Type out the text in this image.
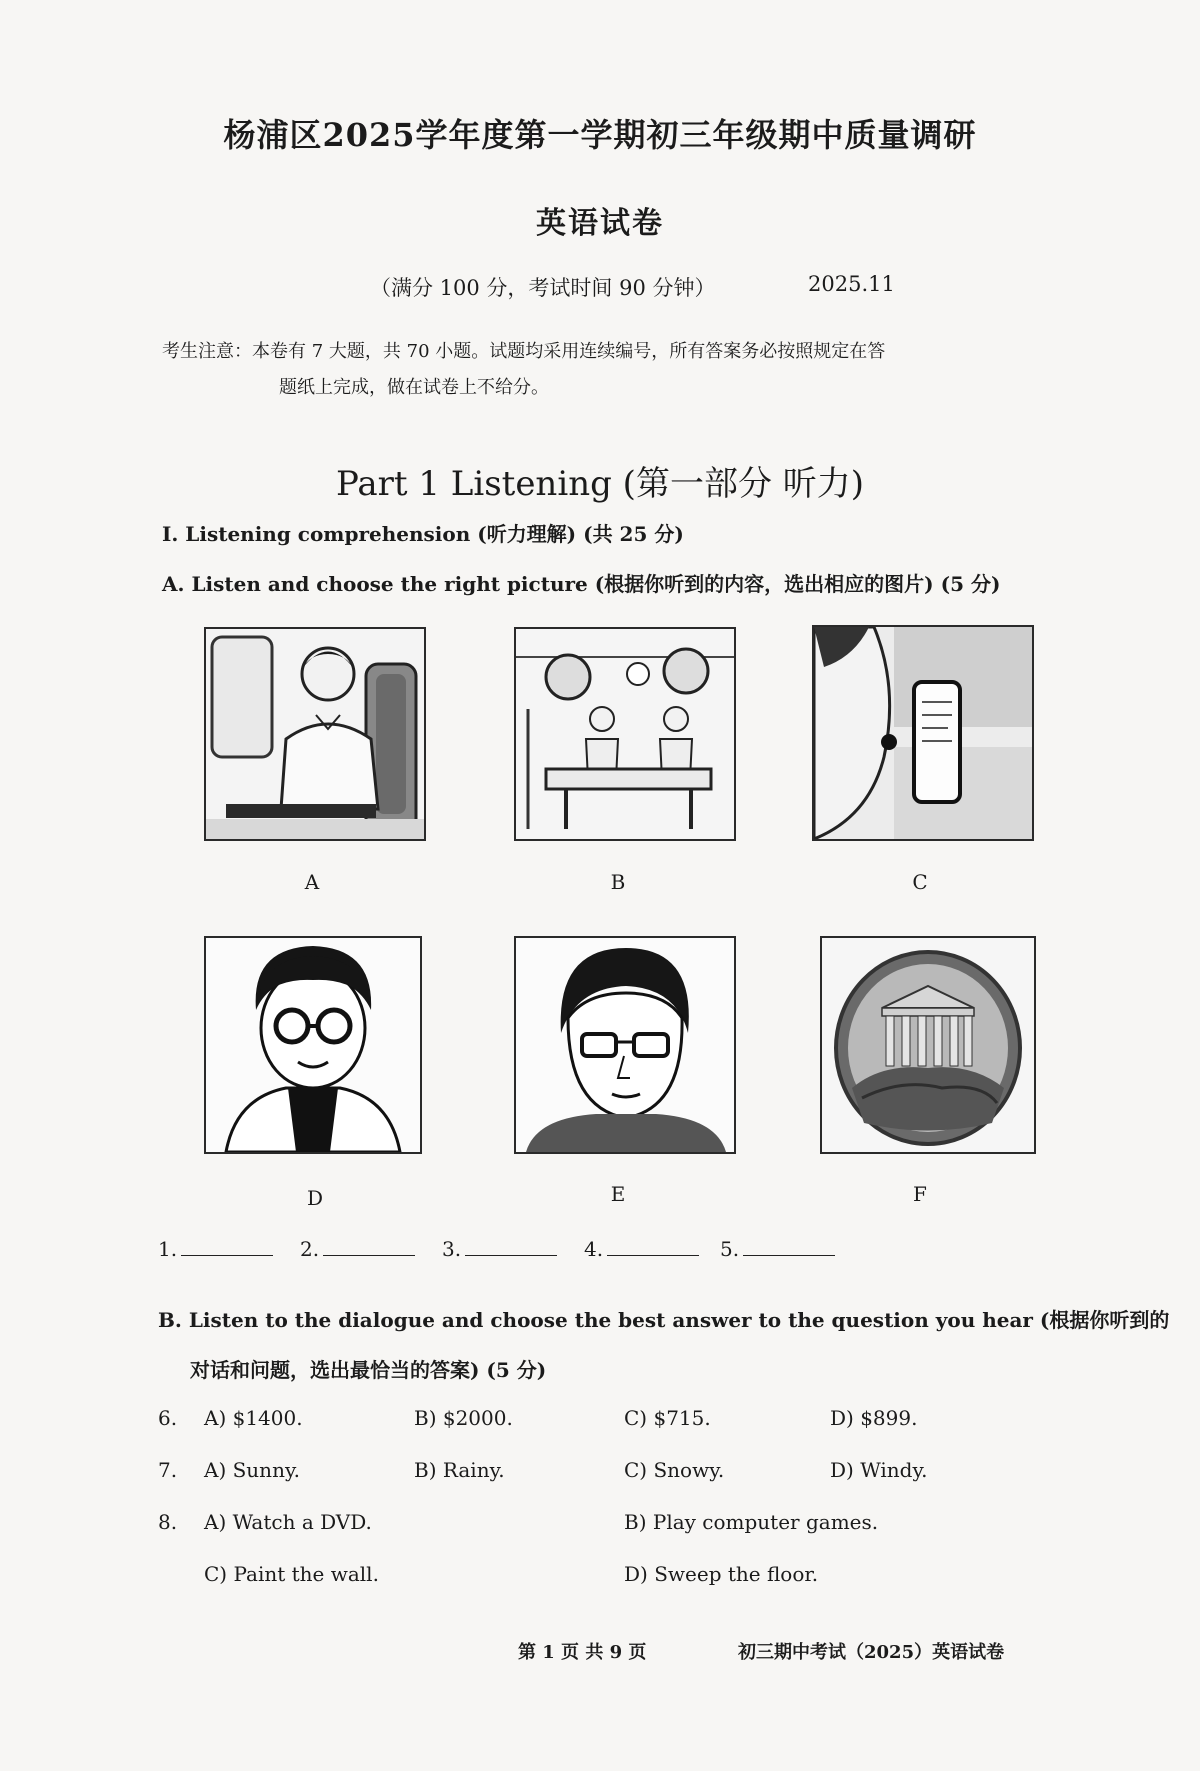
杨浦区2025学年度第一学期初三年级期中质量调研
英语试卷
（满分 100 分，考试时间 90 分钟）	2025.11
考生注意：本卷有 7 大题，共 70 小题。试题均采用连续编号，所有答案务必按照规定在答
题纸上完成，做在试卷上不给分。
Part 1 Listening (第一部分 听力)
I. Listening comprehension (听力理解) (共 25 分)
A. Listen and choose the right picture (根据你听到的内容，选出相应的图片) (5 分)
A	B	C
D	E	F
1.	2.	3.	4.	5.
B. Listen to the dialogue and choose the best answer to the question you hear (根据你听到的
对话和问题，选出最恰当的答案) (5 分)
6. A) $1400.	B) $2000.	C) $715.	D) $899.
7. A) Sunny.	B) Rainy.	C) Snowy.	D) Windy.
8. A) Watch a DVD.	B) Play computer games.
C) Paint the wall.	D) Sweep the floor.
第 1 页 共 9 页	初三期中考试（2025）英语试卷
